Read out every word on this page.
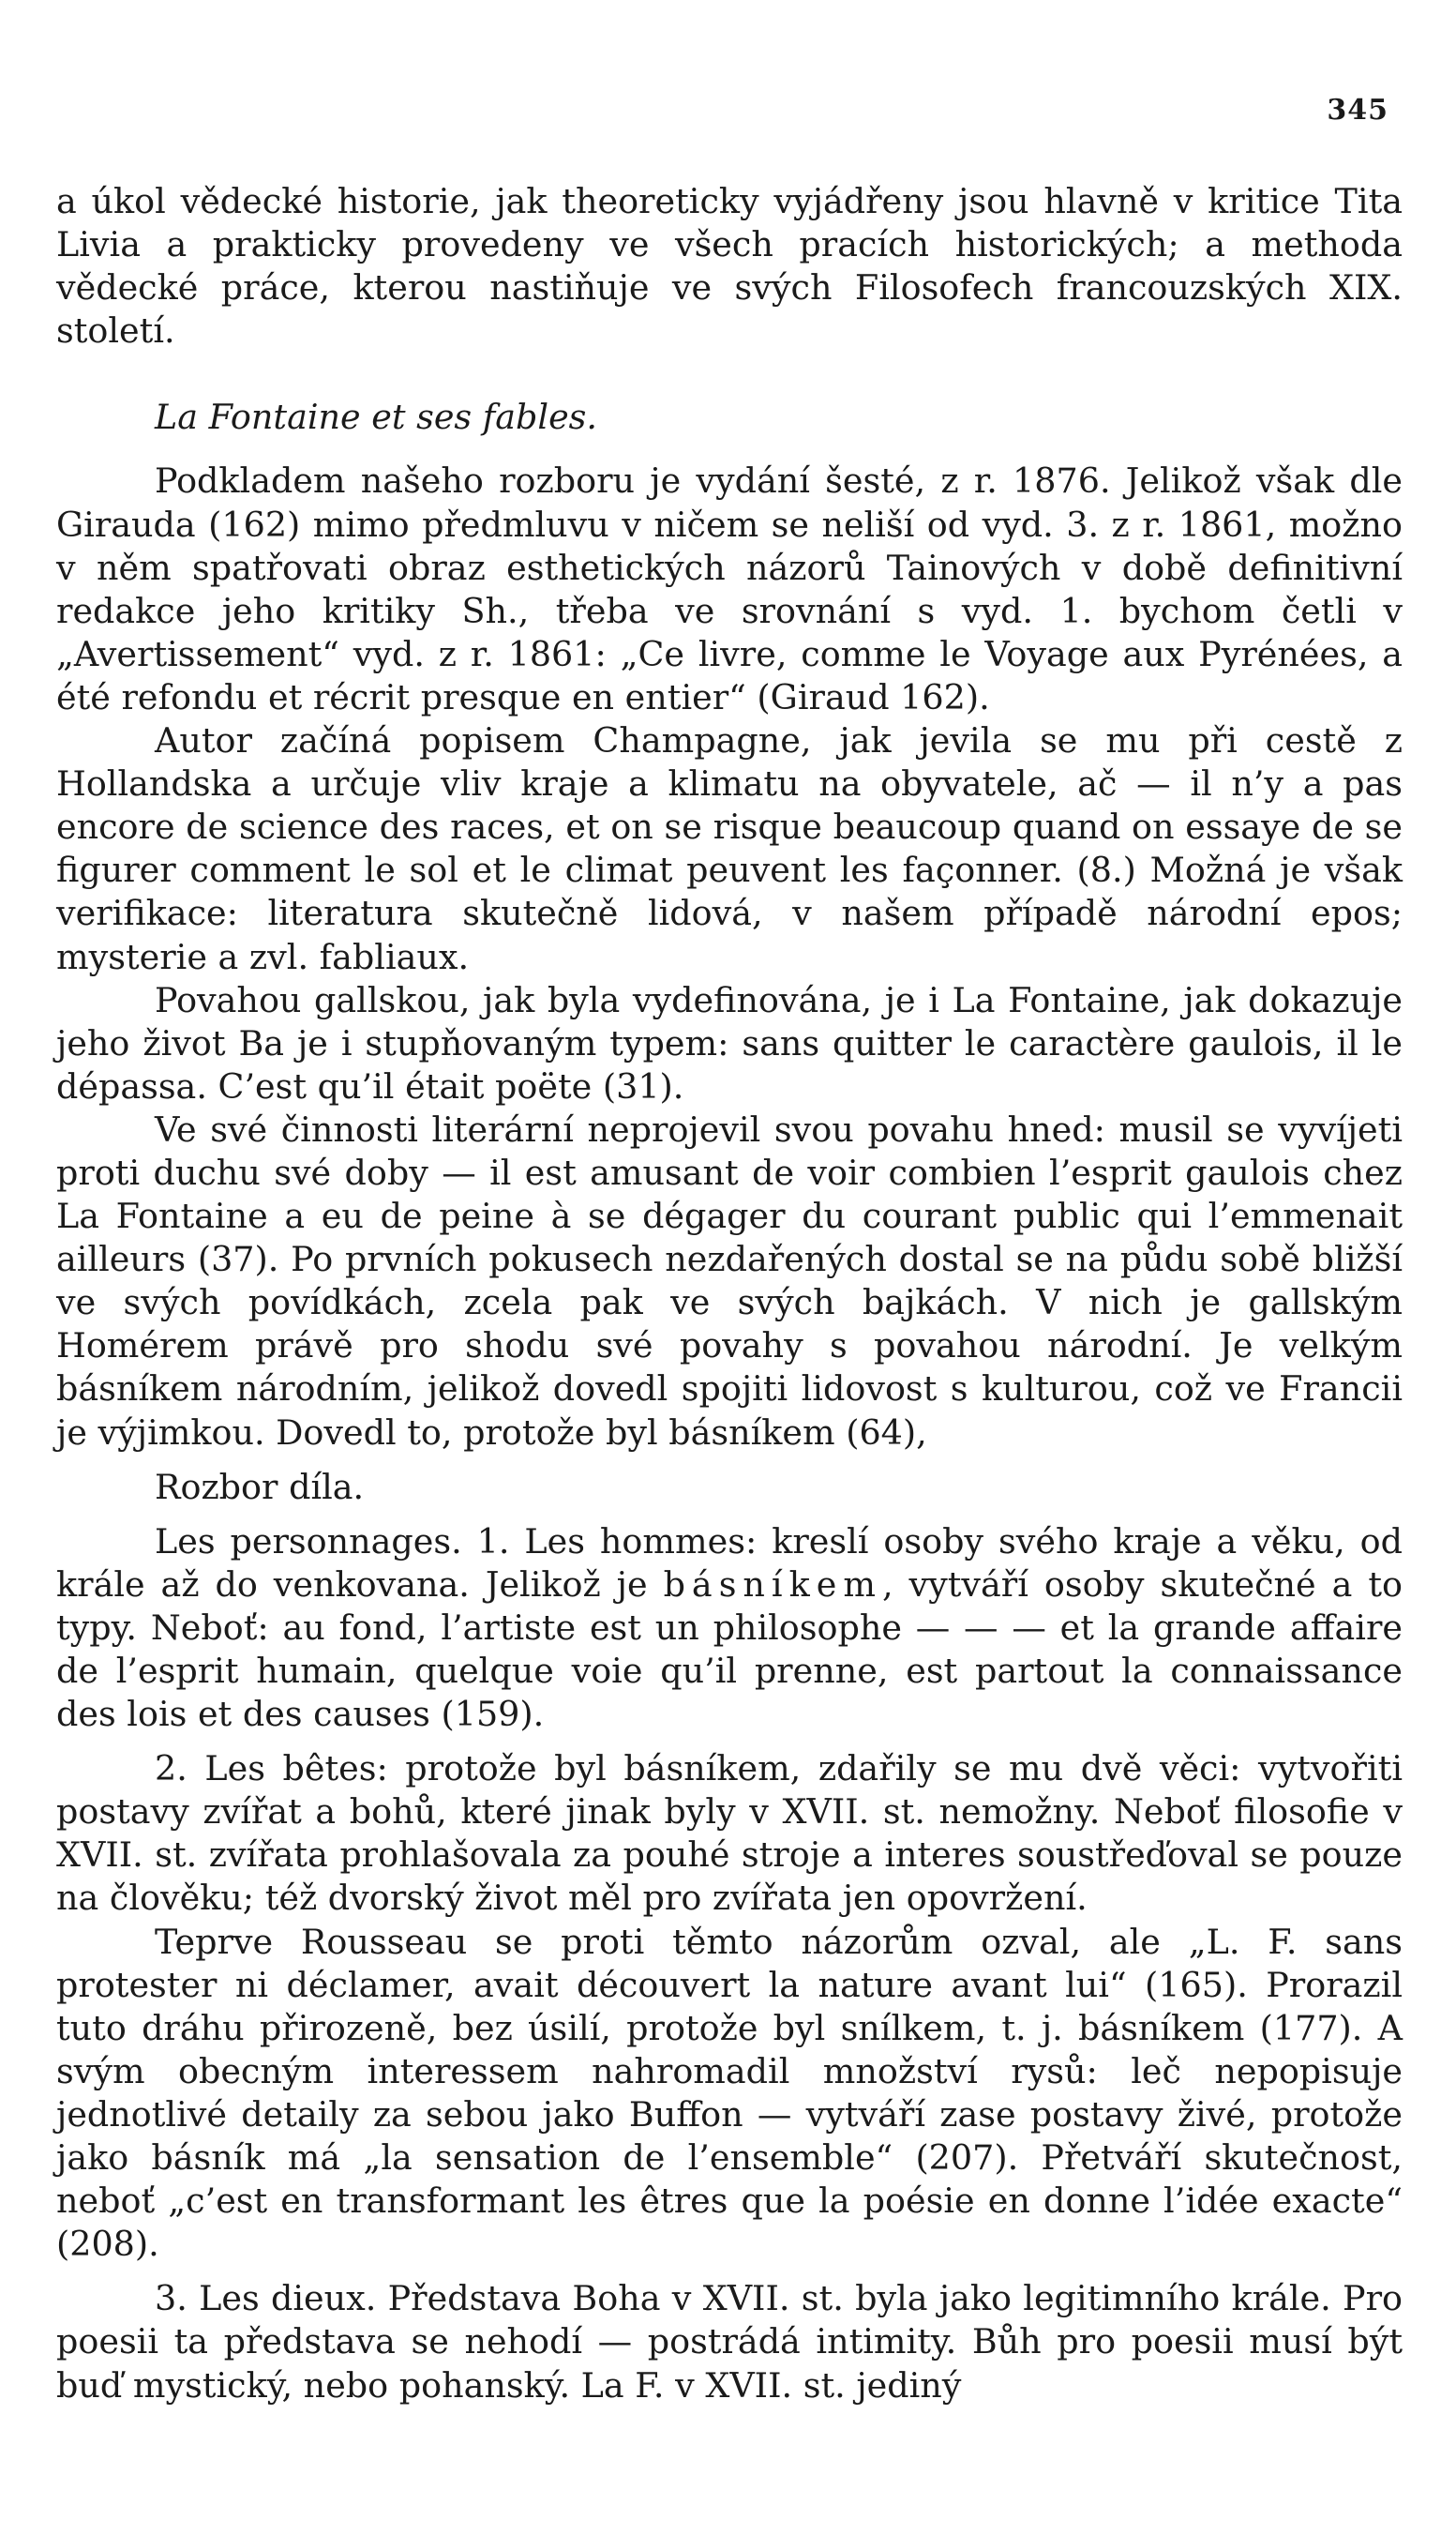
345

a úkol vědecké historie, jak theoreticky vyjádřeny jsou hlavně v kritice Tita Livia a prakticky provedeny ve všech pracích historických; a methoda vědecké práce, kterou nastiňuje ve svých Filosofech francouzských XIX. století.

La Fontaine et ses fables.

Podkladem našeho rozboru je vydání šesté, z r. 1876. Jelikož však dle Girauda (162) mimo předmluvu v ničem se neliší od vyd. 3. z r. 1861, možno v něm spatřovati obraz esthetických názorů Tainových v době definitivní redakce jeho kritiky Sh., třeba ve srovnání s vyd. 1. bychom četli v „Avertissement“ vyd. z r. 1861: „Ce livre, comme le Voyage aux Pyrénées, a été refondu et récrit presque en entier“ (Giraud 162).

Autor začíná popisem Champagne, jak jevila se mu při cestě z Hollandska a určuje vliv kraje a klimatu na obyvatele, ač — il n’y a pas encore de science des races, et on se risque beaucoup quand on essaye de se figurer comment le sol et le climat peuvent les façonner. (8.) Možná je však verifikace: literatura skutečně lidová, v našem případě národní epos; mysterie a zvl. fabliaux.

Povahou gallskou, jak byla vydefinována, je i La Fontaine, jak dokazuje jeho život Ba je i stupňovaným typem: sans quitter le caractère gaulois, il le dépassa. C’est qu’il était poëte (31).

Ve své činnosti literární neprojevil svou povahu hned: musil se vyvíjeti proti duchu své doby — il est amusant de voir combien l’esprit gaulois chez La Fontaine a eu de peine à se dégager du courant public qui l’emmenait ailleurs (37). Po prvních pokusech nezdařených dostal se na půdu sobě bližší ve svých povídkách, zcela pak ve svých bajkách. V nich je gallským Homérem právě pro shodu své povahy s povahou národní. Je velkým básníkem národním, jelikož dovedl spojiti lidovost s kulturou, což ve Francii je výjimkou. Dovedl to, protože byl básníkem (64),

Rozbor díla.

Les personnages. 1. Les hommes: kreslí osoby svého kraje a věku, od krále až do venkovana. Jelikož je básníkem, vytváří osoby skutečné a to typy. Neboť: au fond, l’artiste est un philosophe — — — et la grande affaire de l’esprit humain, quelque voie qu’il prenne, est partout la connaissance des lois et des causes (159).

2. Les bêtes: protože byl básníkem, zdařily se mu dvě věci: vytvořiti postavy zvířat a bohů, které jinak byly v XVII. st. nemožny. Neboť filosofie v XVII. st. zvířata prohlašovala za pouhé stroje a interes soustřeďoval se pouze na člověku; též dvorský život měl pro zvířata jen opovržení.

Teprve Rousseau se proti těmto názorům ozval, ale „L. F. sans protester ni déclamer, avait découvert la nature avant lui“ (165). Prorazil tuto dráhu přirozeně, bez úsilí, protože byl snílkem, t. j. básníkem (177). A svým obecným interessem nahromadil množství rysů: leč nepopisuje jednotlivé detaily za sebou jako Buffon — vytváří zase postavy živé, protože jako básník má „la sensation de l’ensemble“ (207). Přetváří skutečnost, neboť „c’est en transformant les êtres que la poésie en donne l’idée exacte“ (208).

3. Les dieux. Představa Boha v XVII. st. byla jako legitimního krále. Pro poesii ta představa se nehodí — postrádá intimity. Bůh pro poesii musí být buď mystický, nebo pohanský. La F. v XVII. st. jediný
